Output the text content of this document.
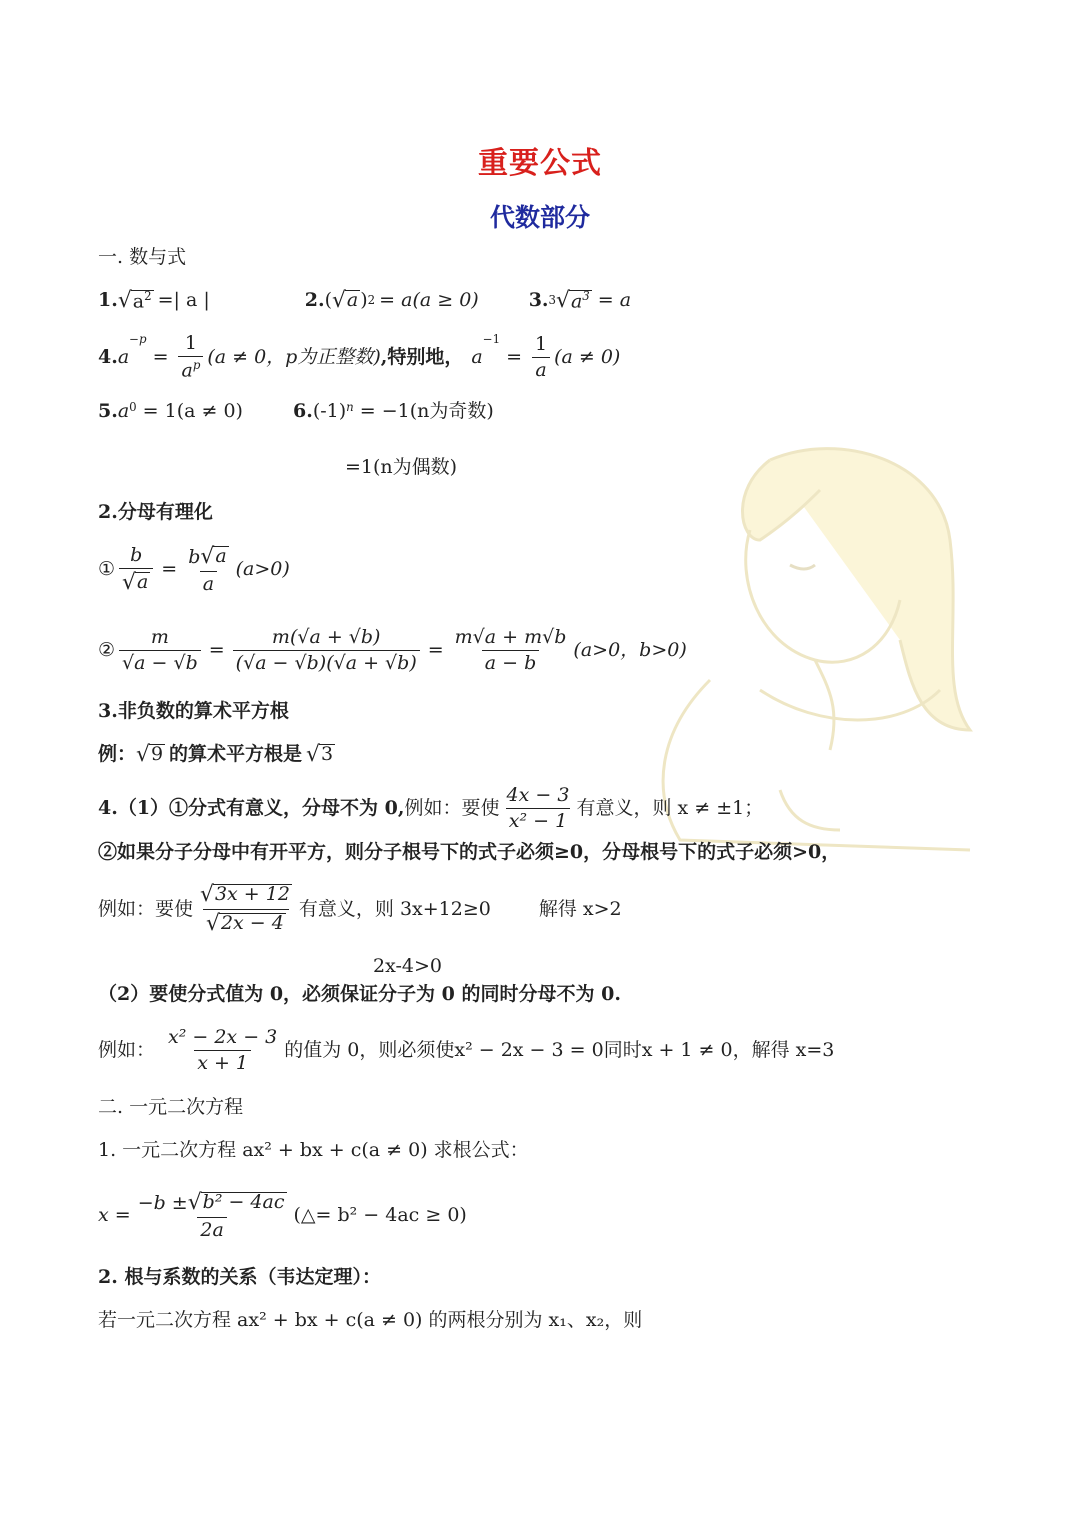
重要公式
代数部分
一. 数与式
1. √ $a^2$ =| a |	2. ( √ a ) 2 = a(a ≥ 0)	3. 3 √ $a^3 = a$
4. a
−p
= $\frac{1}{a^p} (a \ne 0$，p为正整数) ,特别地， a
−1
= $\frac{1}{a} (a \ne 0)$
5. a 0 = 1(a ≠ 0)	6. (-1) n = −1(n为奇数)
=1(n为偶数)
2.分母有理化
① $\frac{b}{√ a} = \frac{b √ a}{a} (a>0)$
② $\frac{m}{√a - √b} = \frac{m(√a + √b)}{(√a - √b)(√a + √b)} = \frac{m√a + m√b}{a - b} (a>0$，b>0)
3.非负数的算术平方根
例： √ 9 的算术平方根是 √ 3
4.（1）①分式有意义，分母不为 0, 例如：要使 $\frac{4x - 3}{\text{x² − 1}}$ 有意义，则 x ≠ ±1；
②如果分子分母中有开平方，则分子根号下的式子必须≥0，分母根号下的式子必须>0，
例如：要使 $\frac{√ 3x + 12}{√ 2x - 4}$ 有意义，则 3x+12≥0	解得 x>2
2x-4>0
（2）要使分式值为 0，必须保证分子为 0 的同时分母不为 0.
例如： $\frac{\text{x² − 2x − 3}}{x + 1}$ 的值为 0，则必须使x² − 2x − 3 = 0同时x + 1 ≠ 0，解得 x=3
二. 一元二次方程
1. 一元二次方程 ax² + bx + c(a ≠ 0) 求根公式：
$x = \frac{\text{−b ± √ b² − 4ac}}{2a}$ (△= b² − 4ac ≥ 0)
2. 根与系数的关系（韦达定理）：
若一元二次方程 ax² + bx + c(a ≠ 0) 的两根分别为 x₁、x₂，则
